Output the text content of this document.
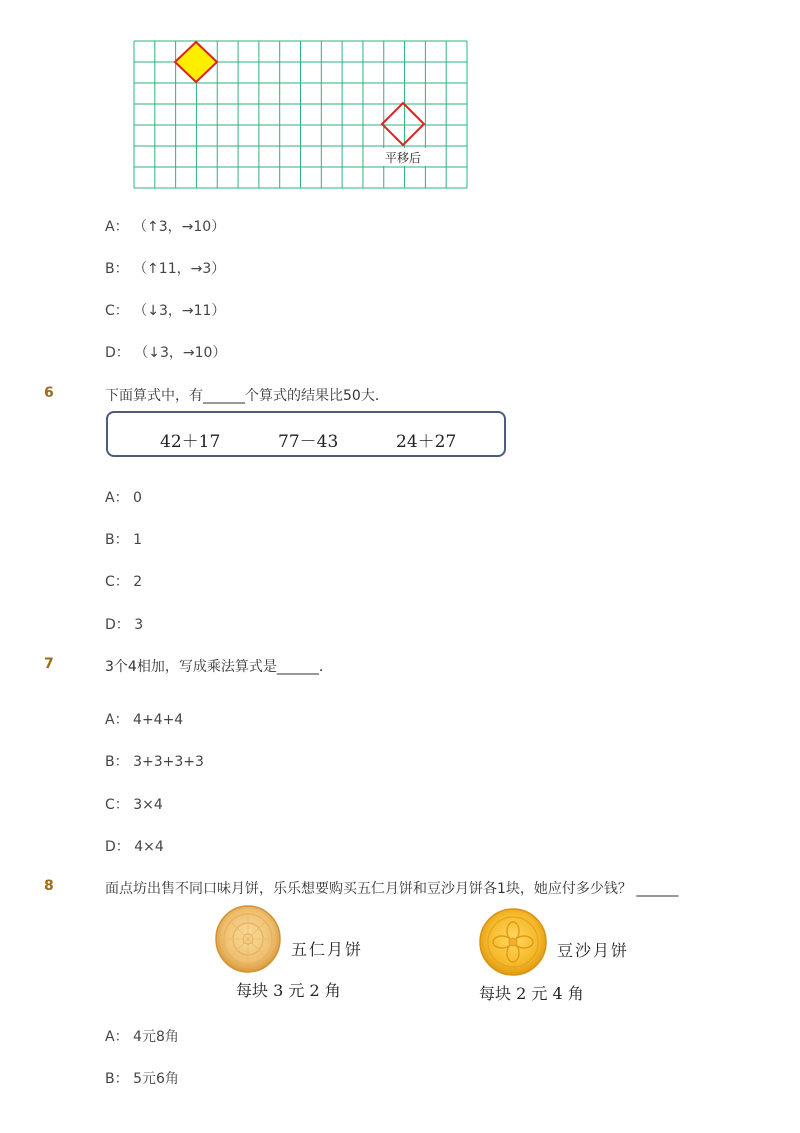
平移后
A： （↑3，→10）
B： （↑11，→3）
C： （↓3，→11）
D： （↓3，→10）
6	下面算式中，有______个算式的结果比50大．
42＋17	77－43	24＋27
A： 0
B： 1
C： 2
D： 3
7	3个4相加，写成乘法算式是______．
A： 4+4+4
B： 3+3+3+3
C： 3×4
D： 4×4
8	面点坊出售不同口味月饼，乐乐想要购买五仁月饼和豆沙月饼各1块，她应付多少钱？ ______
五仁月饼
每块 3 元 2 角
豆沙月饼
每块 2 元 4 角
A： 4元8角
B： 5元6角
